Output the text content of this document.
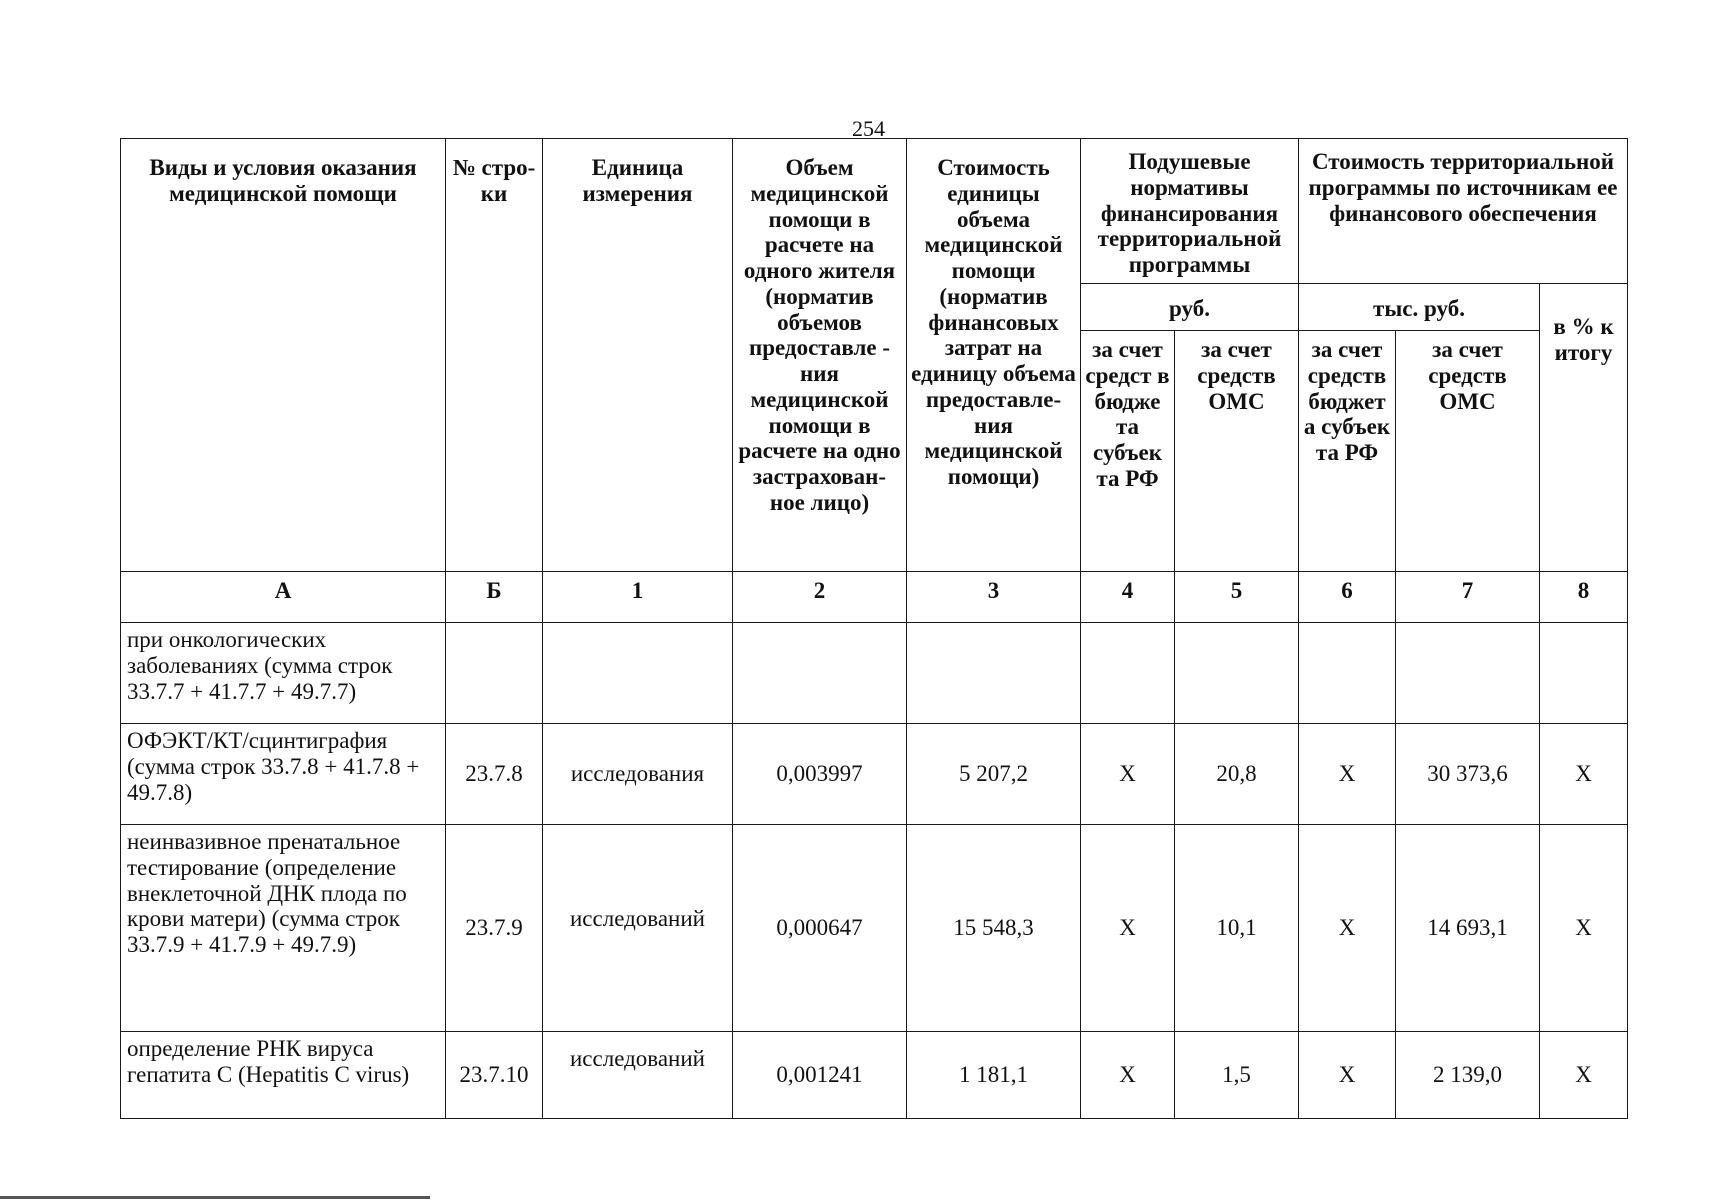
254
Виды и условия оказания медицинской помощи	№ стро-ки	Единица измерения	Объем медицинской помощи в расчете на одного жителя (норматив объемов предоставле - ния медицинской помощи в расчете на одно застрахован-ное лицо)	Стоимость единицы объема медицинской помощи (норматив финансовых затрат на единицу объема предоставле-ния медицинской помощи)	Подушевые нормативы финансирования территориальной программы		Стоимость территориальной программы по источникам ее финансового обеспечения		
					руб.		тыс. руб.		в % к итогу
					за счет средст в бюдже та субъек та РФ	за счет средств ОМС	за счет средств бюджет а субъек та РФ	за счет средств ОМС	
А	Б	1	2	3	4	5	6	7	8
при онкологических заболеваниях (сумма строк 33.7.7 + 41.7.7 + 49.7.7)									
ОФЭКТ/КТ/сцинтиграфия (сумма строк 33.7.8 + 41.7.8 + 49.7.8)	23.7.8	исследования	0,003997	5 207,2	Х	20,8	Х	30 373,6	Х
неинвазивное пренатальное тестирование (определение внеклеточной ДНК плода по крови матери) (сумма строк 33.7.9 + 41.7.9 + 49.7.9)	23.7.9	исследований	0,000647	15 548,3	Х	10,1	Х	14 693,1	Х
определение РНК вируса гепатита С (Hepatitis C virus)	23.7.10	исследований	0,001241	1 181,1	Х	1,5	Х	2 139,0	Х
